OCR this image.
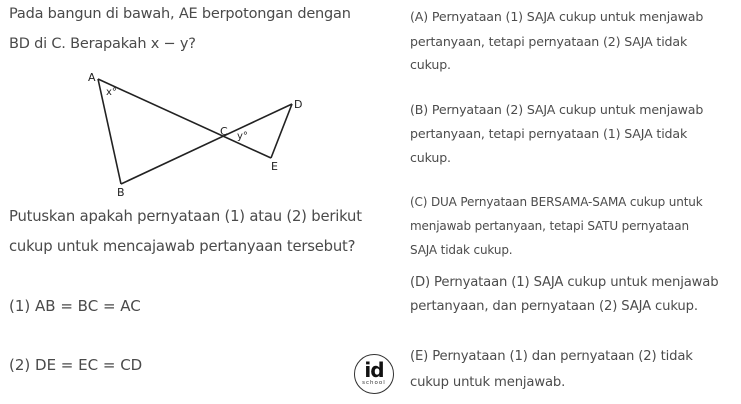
Pada bangun di bawah, AE berpotongan dengan
BD di C. Berapakah x − y?
A
B
C
D
E
x°
y°
Putuskan apakah pernyataan (1) atau (2) berikut
cukup untuk mencajawab pertanyaan tersebut?
(1) AB = BC = AC
(2) DE = EC = CD	id
school
(A) Pernyataan (1) SAJA cukup untuk menjawab
pertanyaan, tetapi pernyataan (2) SAJA tidak
cukup.
(B) Pernyataan (2) SAJA cukup untuk menjawab
pertanyaan, tetapi pernyataan (1) SAJA tidak
cukup.
(C) DUA Pernyataan BERSAMA-SAMA cukup untuk
menjawab pertanyaan, tetapi SATU pernyataan
SAJA tidak cukup.
(D) Pernyataan (1) SAJA cukup untuk menjawab
pertanyaan, dan pernyataan (2) SAJA cukup.
(E) Pernyataan (1) dan pernyataan (2) tidak
cukup untuk menjawab.
